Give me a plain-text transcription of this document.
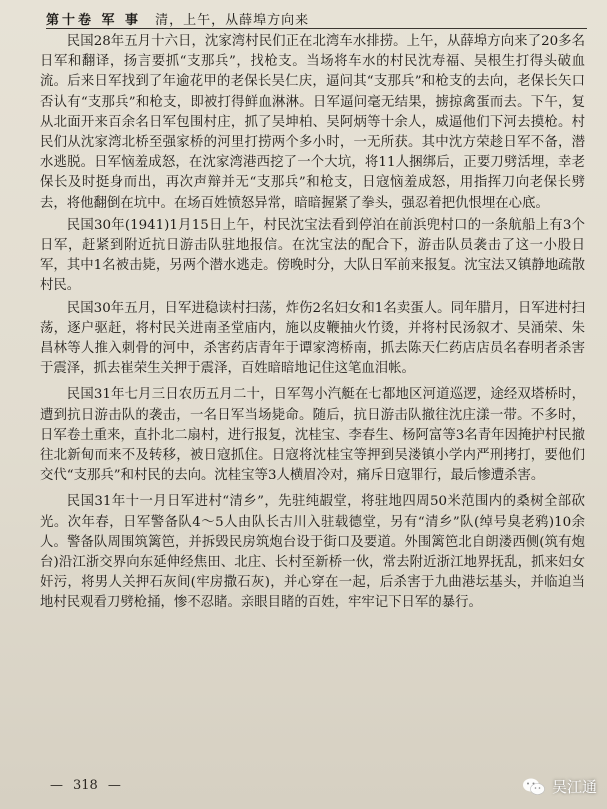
第十卷 军 事 清，上午，从薛埠方向来

民国28年五月十六日，沈家湾村民们正在北湾车水排捞。上午，从薛埠方向来了20多名日军和翻译，扬言要抓“支那兵”，找枪支。当场将车水的村民沈寿福、吴根生打得头破血流。后来日军找到了年逾花甲的老保长吴仁庆，逼问其“支那兵”和枪支的去向，老保长矢口否认有“支那兵”和枪支，即被打得鲜血淋淋。日军逼问毫无结果，掳掠禽蛋而去。下午，复从北面开来百余名日军包围村庄，抓了吴坤柏、吴阿炳等十余人，威逼他们下河去摸枪。村民们从沈家湾北桥至强家桥的河里打捞两个多小时，一无所获。其中沈方荣趁日军不备，潜水逃脱。日军恼羞成怒，在沈家湾港西挖了一个大坑，将11人捆绑后，正要刀劈活埋，幸老保长及时挺身而出，再次声辩并无“支那兵”和枪支，日寇恼羞成怒，用指挥刀向老保长劈去，将他翻倒在坑中。在场百姓愤怒异常，暗暗握紧了拳头，强忍着把仇恨埋在心底。

民国30年(1941)1月15日上午，村民沈宝法看到停泊在前浜兜村口的一条航船上有3个日军，赶紧到附近抗日游击队驻地报信。在沈宝法的配合下，游击队员袭击了这一小股日军，其中1名被击毙，另两个潜水逃走。傍晚时分，大队日军前来报复。沈宝法又镇静地疏散村民。

民国30年五月，日军进稳读村扫荡，炸伤2名妇女和1名卖蛋人。同年腊月，日军进村扫荡，逐户驱赶，将村民关进南圣堂庙内，施以皮鞭抽火竹烫，并将村民汤叙才、吴涌荣、朱昌林等人推入刺骨的河中，杀害药店青年于谭家湾桥南，抓去陈天仁药店店员名春明者杀害于震泽，抓去崔荣生关押于震泽，百姓暗暗地记住这笔血泪帐。

民国31年七月三日农历五月二十，日军驾小汽艇在七都地区河道巡逻，途经双塔桥时，遭到抗日游击队的袭击，一名日军当场毙命。随后，抗日游击队撤往沈庄漾一带。不多时，日军卷土重来，直扑北二扇村，进行报复，沈桂宝、李春生、杨阿富等3名青年因掩护村民撤往北新甸而来不及转移，被日寇抓住。日寇将沈桂宝等押到吴溇镇小学内严刑拷打，要他们交代“支那兵”和村民的去向。沈桂宝等3人横眉冷对，痛斥日寇罪行，最后惨遭杀害。

民国31年十一月日军进村“清乡”，先驻纯嘏堂，将驻地四周50米范围内的桑树全部砍光。次年春，日军警备队4～5人由队长古川入驻载德堂，另有“清乡”队(绰号臭老鸦)10余人。警备队周围筑篱笆，并拆毁民房筑炮台设于街口及要道。外围篱笆北自朗溇西侧(筑有炮台)沿江浙交界向东延伸经焦田、北庄、长村至新桥一伙，常去附近浙江地界抚乱，抓来妇女奸污，将男人关押石灰间(牢房撒石灰)，并心穿在一起，后杀害于九曲港坛基头，并临迫当地村民观看刀劈枪捅，惨不忍睹。亲眼目睹的百姓，牢牢记下日军的暴行。

— 318 —	吴江通
